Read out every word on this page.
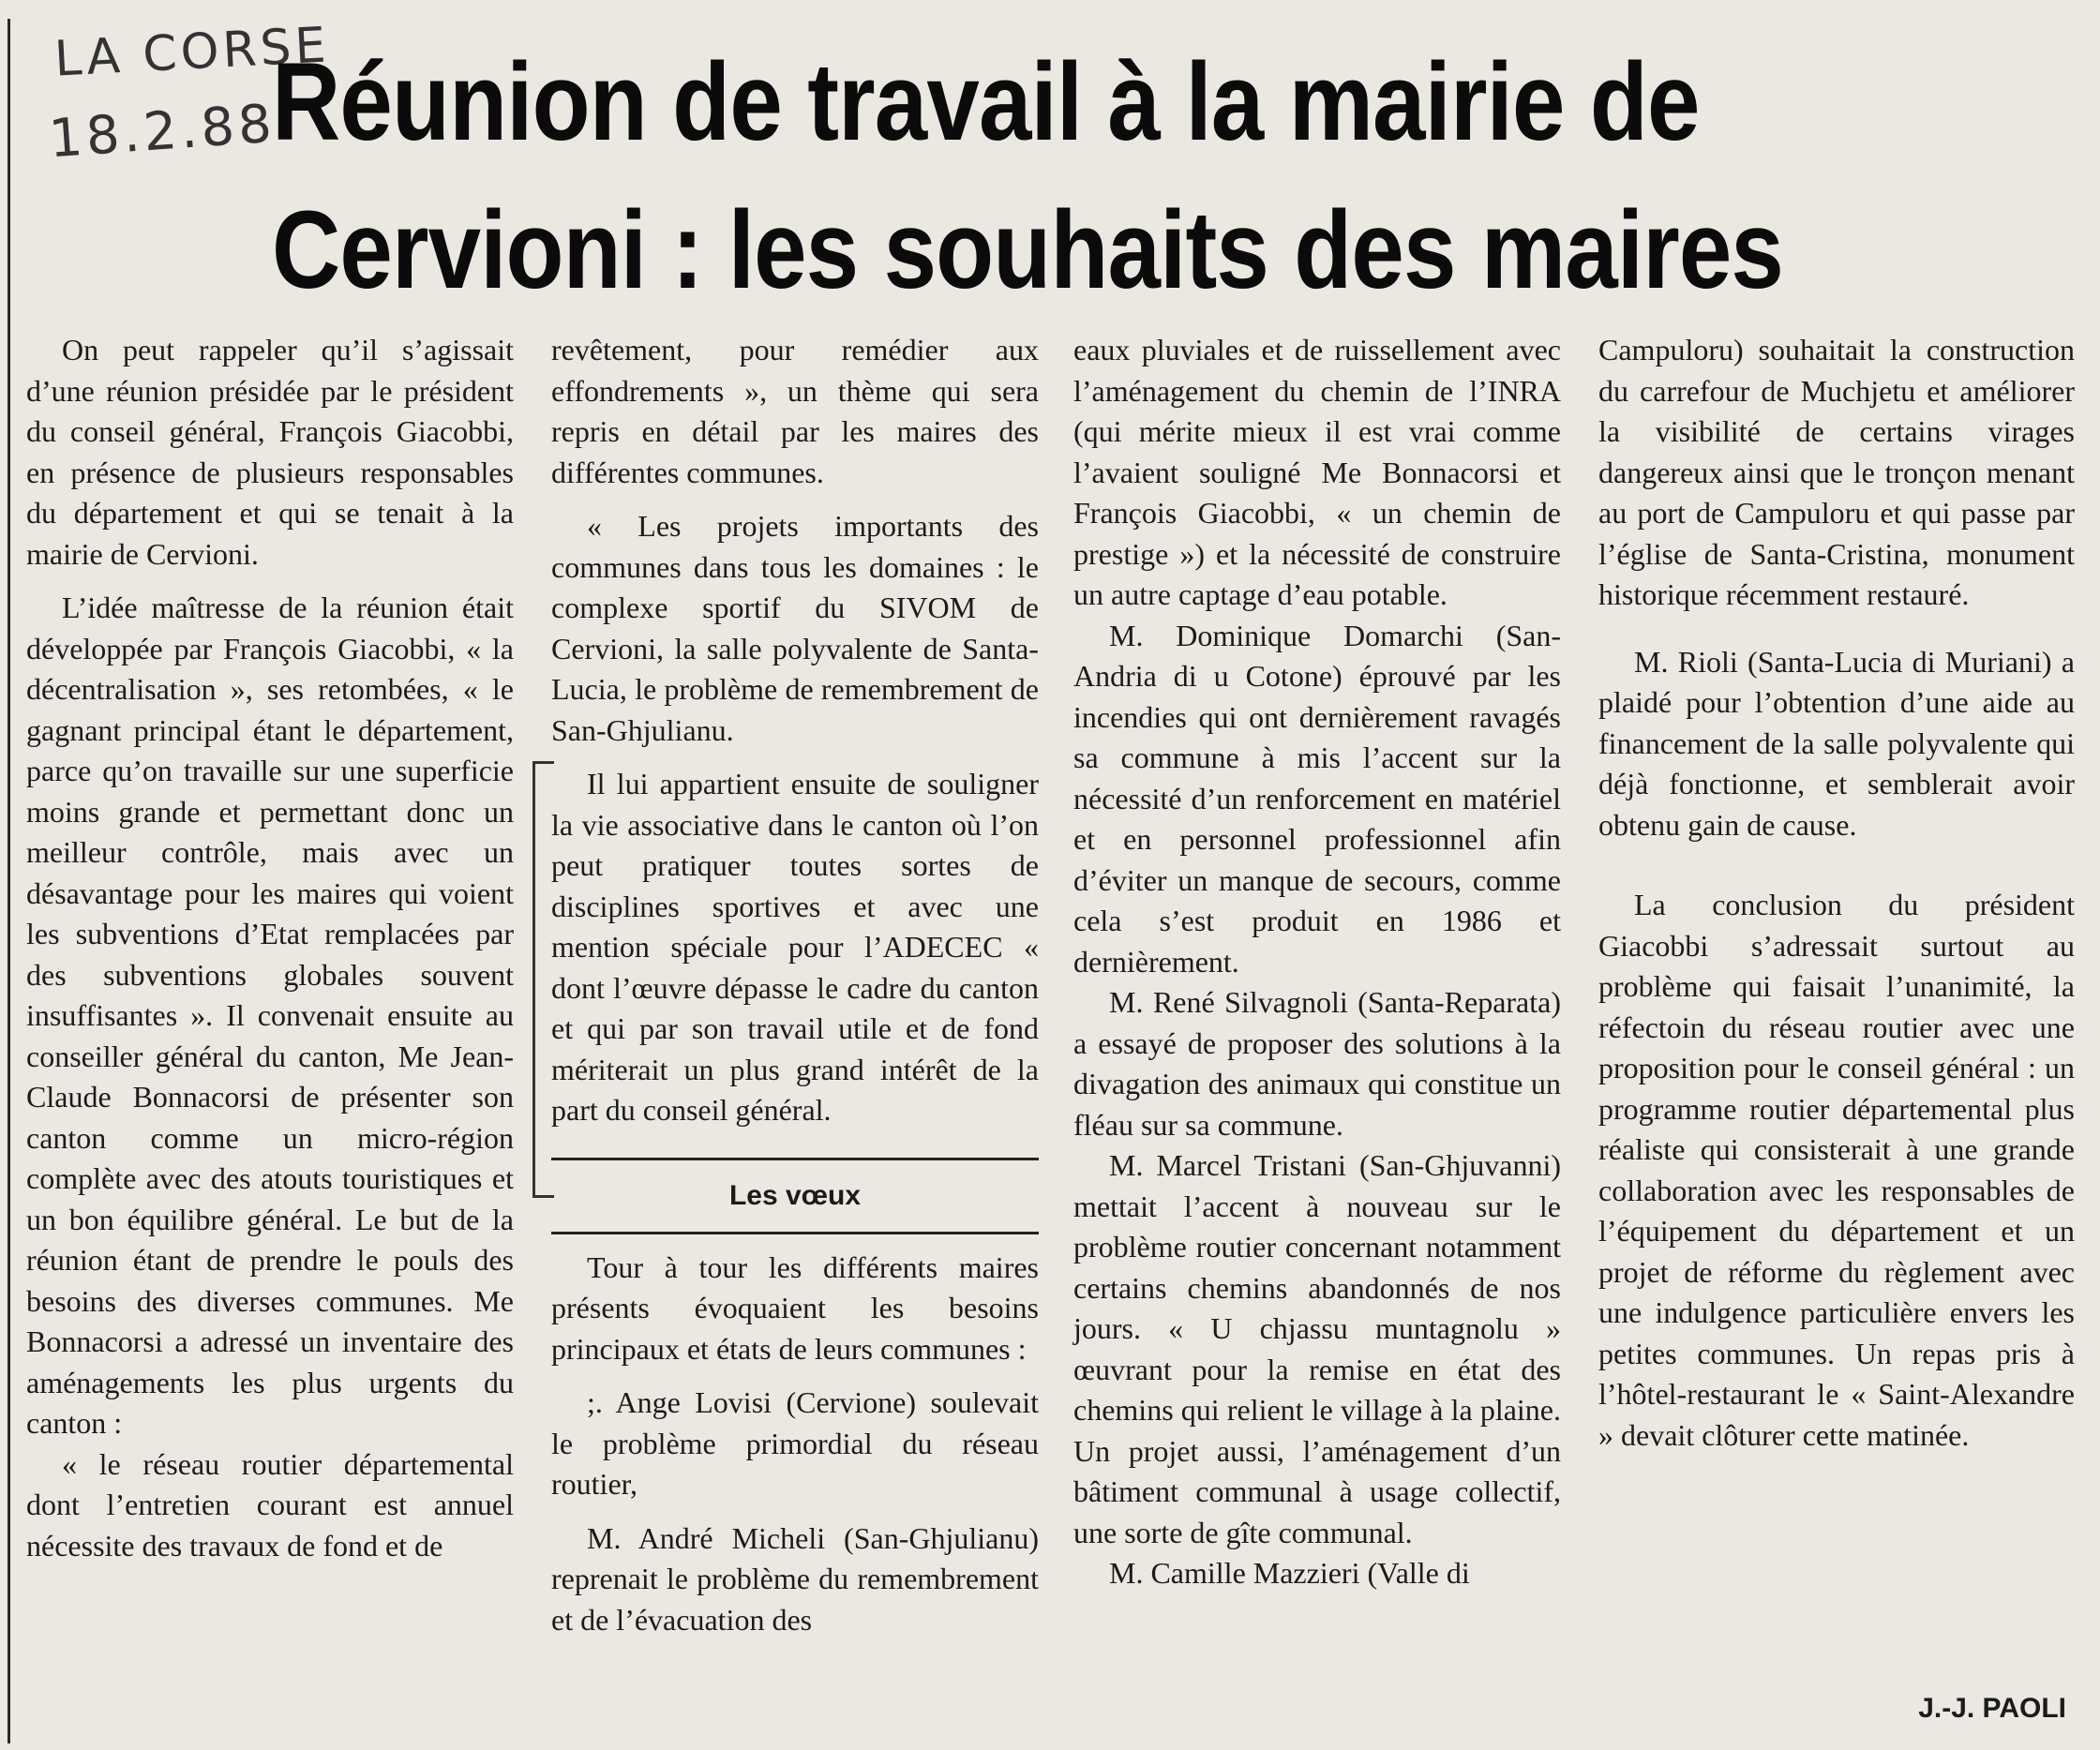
LA CORSE
18.2.88
Réunion de travail à la mairie de
Cervioni : les souhaits des maires

On peut rappeler qu’il s’agissait d’une réunion présidée par le président du conseil général, François Giacobbi, en présence de plusieurs responsables du département et qui se tenait à la mairie de Cervioni.

L’idée maîtresse de la réunion était développée par François Giacobbi, « la décentralisation », ses retombées, « le gagnant principal étant le département, parce qu’on travaille sur une superficie moins grande et permettant donc un meilleur contrôle, mais avec un désavantage pour les maires qui voient les subventions d’Etat remplacées par des subventions globales souvent insuffisantes ». Il convenait ensuite au conseiller général du canton, Me Jean-Claude Bonnacorsi de présenter son canton comme un micro-région complète avec des atouts touristiques et un bon équilibre général. Le but de la réunion étant de prendre le pouls des besoins des diverses communes. Me Bonnacorsi a adressé un inventaire des aménagements les plus urgents du canton :

« le réseau routier départemental dont l’entretien courant est annuel nécessite des travaux de fond et de

revêtement, pour remédier aux effondrements », un thème qui sera repris en détail par les maires des différentes communes.

« Les projets importants des communes dans tous les domaines : le complexe sportif du SIVOM de Cervioni, la salle polyvalente de Santa-Lucia, le problème de remembrement de San-Ghjulianu.

Il lui appartient ensuite de souligner la vie associative dans le canton où l’on peut pratiquer toutes sortes de disciplines sportives et avec une mention spéciale pour l’ADECEC « dont l’œuvre dépasse le cadre du canton et qui par son travail utile et de fond mériterait un plus grand intérêt de la part du conseil général.

Les vœux

Tour à tour les différents maires présents évoquaient les besoins principaux et états de leurs communes :

;. Ange Lovisi (Cervione) soulevait le problème primordial du réseau routier,

M. André Micheli (San-Ghjulianu) reprenait le problème du remembrement et de l’évacuation des

eaux pluviales et de ruissellement avec l’aménagement du chemin de l’INRA (qui mérite mieux il est vrai comme l’avaient souligné Me Bonnacorsi et François Giacobbi, « un chemin de prestige ») et la nécessité de construire un autre captage d’eau potable.

M. Dominique Domarchi (San-Andria di u Cotone) éprouvé par les incendies qui ont dernièrement ravagés sa commune à mis l’accent sur la nécessité d’un renforcement en matériel et en personnel professionnel afin d’éviter un manque de secours, comme cela s’est produit en 1986 et dernièrement.

M. René Silvagnoli (Santa-Reparata) a essayé de proposer des solutions à la divagation des animaux qui constitue un fléau sur sa commune.

M. Marcel Tristani (San-Ghjuvanni) mettait l’accent à nouveau sur le problème routier concernant notamment certains chemins abandonnés de nos jours. « U chjassu muntagnolu » œuvrant pour la remise en état des chemins qui relient le village à la plaine. Un projet aussi, l’aménagement d’un bâtiment communal à usage collectif, une sorte de gîte communal.

M. Camille Mazzieri (Valle di

Campuloru) souhaitait la construction du carrefour de Muchjetu et améliorer la visibilité de certains virages dangereux ainsi que le tronçon menant au port de Campuloru et qui passe par l’église de Santa-Cristina, monument historique récemment restauré.

M. Rioli (Santa-Lucia di Muriani) a plaidé pour l’obtention d’une aide au financement de la salle polyvalente qui déjà fonctionne, et semblerait avoir obtenu gain de cause.

La conclusion du président Giacobbi s’adressait surtout au problème qui faisait l’unanimité, la réfectoin du réseau routier avec une proposition pour le conseil général : un programme routier départemental plus réaliste qui consisterait à une grande collaboration avec les responsables de l’équipement du département et un projet de réforme du règlement avec une indulgence particulière envers les petites communes. Un repas pris à l’hôtel-restaurant le « Saint-Alexandre » devait clôturer cette matinée.

J.-J. PAOLI
